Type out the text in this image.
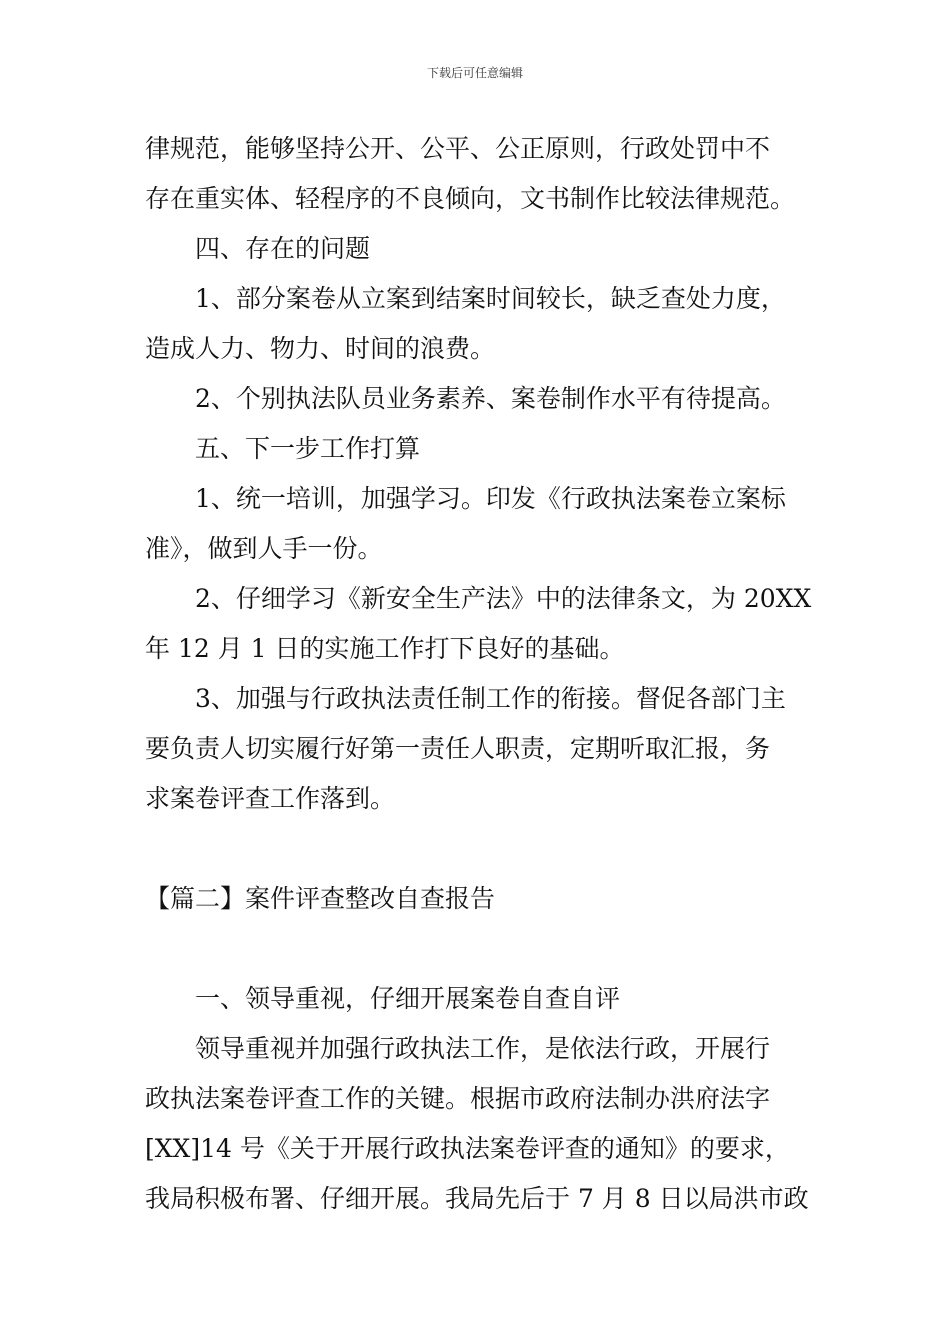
下载后可任意编辑
律规范，能够坚持公开、公平、公正原则，行政处罚中不
存在重实体、轻程序的不良倾向，文书制作比较法律规范。
四、存在的问题
1、部分案卷从立案到结案时间较长，缺乏查处力度，
造成人力、物力、时间的浪费。
2、个别执法队员业务素养、案卷制作水平有待提高。
五、下一步工作打算
1、统一培训，加强学习。印发《行政执法案卷立案标
准》，做到人手一份。
2、仔细学习《新安全生产法》中的法律条文，为 20XX
年 12 月 1 日的实施工作打下良好的基础。
3、加强与行政执法责任制工作的衔接。督促各部门主
要负责人切实履行好第一责任人职责，定期听取汇报，务
求案卷评查工作落到。
【篇二】案件评查整改自查报告
一、领导重视，仔细开展案卷自查自评
领导重视并加强行政执法工作，是依法行政，开展行
政执法案卷评查工作的关键。根据市政府法制办洪府法字
[XX]14 号《关于开展行政执法案卷评查的通知》的要求，
我局积极布署、仔细开展。我局先后于 7 月 8 日以局洪市政
